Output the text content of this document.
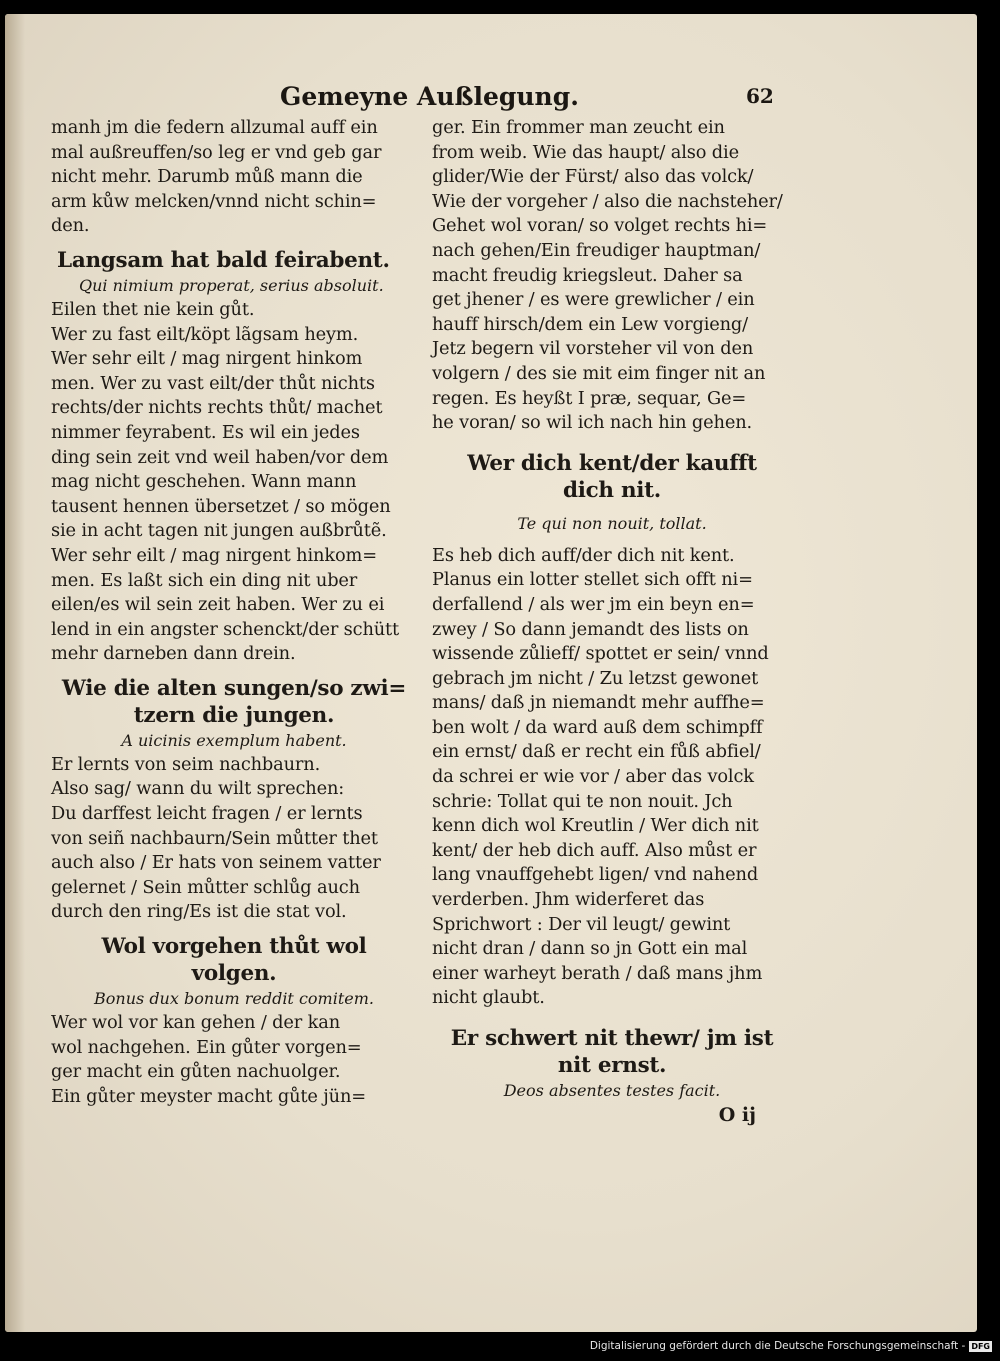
Gemeyne Außlegung.	62
manh jm die federn allzumal auff ein
mal außreuffen/so leg er vnd geb gar
nicht mehr. Darumb můß mann die
arm kůw melcken/vnnd nicht schin=
den.
Langsam hat bald feirabent.
Qui nimium properat, serius absoluit.
Eilen thet nie kein gůt.
Wer zu fast eilt/köpt lãgsam heym.
Wer sehr eilt / mag nirgent hinkom
men. Wer zu vast eilt/der thůt nichts
rechts/der nichts rechts thůt/ machet
nimmer feyrabent. Es wil ein jedes
ding sein zeit vnd weil haben/vor dem
mag nicht geschehen. Wann mann
tausent hennen übersetzet / so mögen
sie in acht tagen nit jungen außbrůtẽ.
Wer sehr eilt / mag nirgent hinkom=
men. Es laßt sich ein ding nit uber
eilen/es wil sein zeit haben. Wer zu ei
lend in ein angster schenckt/der schütt
mehr darneben dann drein.
Wie die alten sungen/so zwi=
tzern die jungen.
A uicinis exemplum habent.
Er lernts von seim nachbaurn.
Also sag/ wann du wilt sprechen:
Du darffest leicht fragen / er lernts
von seiñ nachbaurn/Sein můtter thet
auch also / Er hats von seinem vatter
gelernet / Sein můtter schlůg auch
durch den ring/Es ist die stat vol.
Wol vorgehen thůt wol
volgen.
Bonus dux bonum reddit comitem.
Wer wol vor kan gehen / der kan
wol nachgehen. Ein gůter vorgen=
ger macht ein gůten nachuolger.
Ein gůter meyster macht gůte jün=
ger. Ein frommer man zeucht ein
from weib. Wie das haupt/ also die
glider/Wie der Fürst/ also das volck/
Wie der vorgeher / also die nachsteher/
Gehet wol voran/ so volget rechts hi=
nach gehen/Ein freudiger hauptman/
macht freudig kriegsleut. Daher sa
get jhener / es were grewlicher / ein
hauff hirsch/dem ein Lew vorgieng/
Jetz begern vil vorsteher vil von den
volgern / des sie mit eim finger nit an
regen. Es heyßt I præ, sequar, Ge=
he voran/ so wil ich nach hin gehen.
Wer dich kent/der kaufft
dich nit.
Te qui non nouit, tollat.
Es heb dich auff/der dich nit kent.
Planus ein lotter stellet sich offt ni=
derfallend / als wer jm ein beyn en=
zwey / So dann jemandt des lists on
wissende zůlieff/ spottet er sein/ vnnd
gebrach jm nicht / Zu letzst gewonet
mans/ daß jn niemandt mehr auffhe=
ben wolt / da ward auß dem schimpff
ein ernst/ daß er recht ein fůß abfiel/
da schrei er wie vor / aber das volck
schrie: Tollat qui te non nouit. Jch
kenn dich wol Kreutlin / Wer dich nit
kent/ der heb dich auff. Also můst er
lang vnauffgehebt ligen/ vnd nahend
verderben. Jhm widerferet das
Sprichwort : Der vil leugt/ gewint
nicht dran / dann so jn Gott ein mal
einer warheyt berath / daß mans jhm
nicht glaubt.
Er schwert nit thewr/ jm ist
nit ernst.
Deos absentes testes facit.
O ij
Digitalisierung gefördert durch die Deutsche Forschungsgemeinschaft - DFG
